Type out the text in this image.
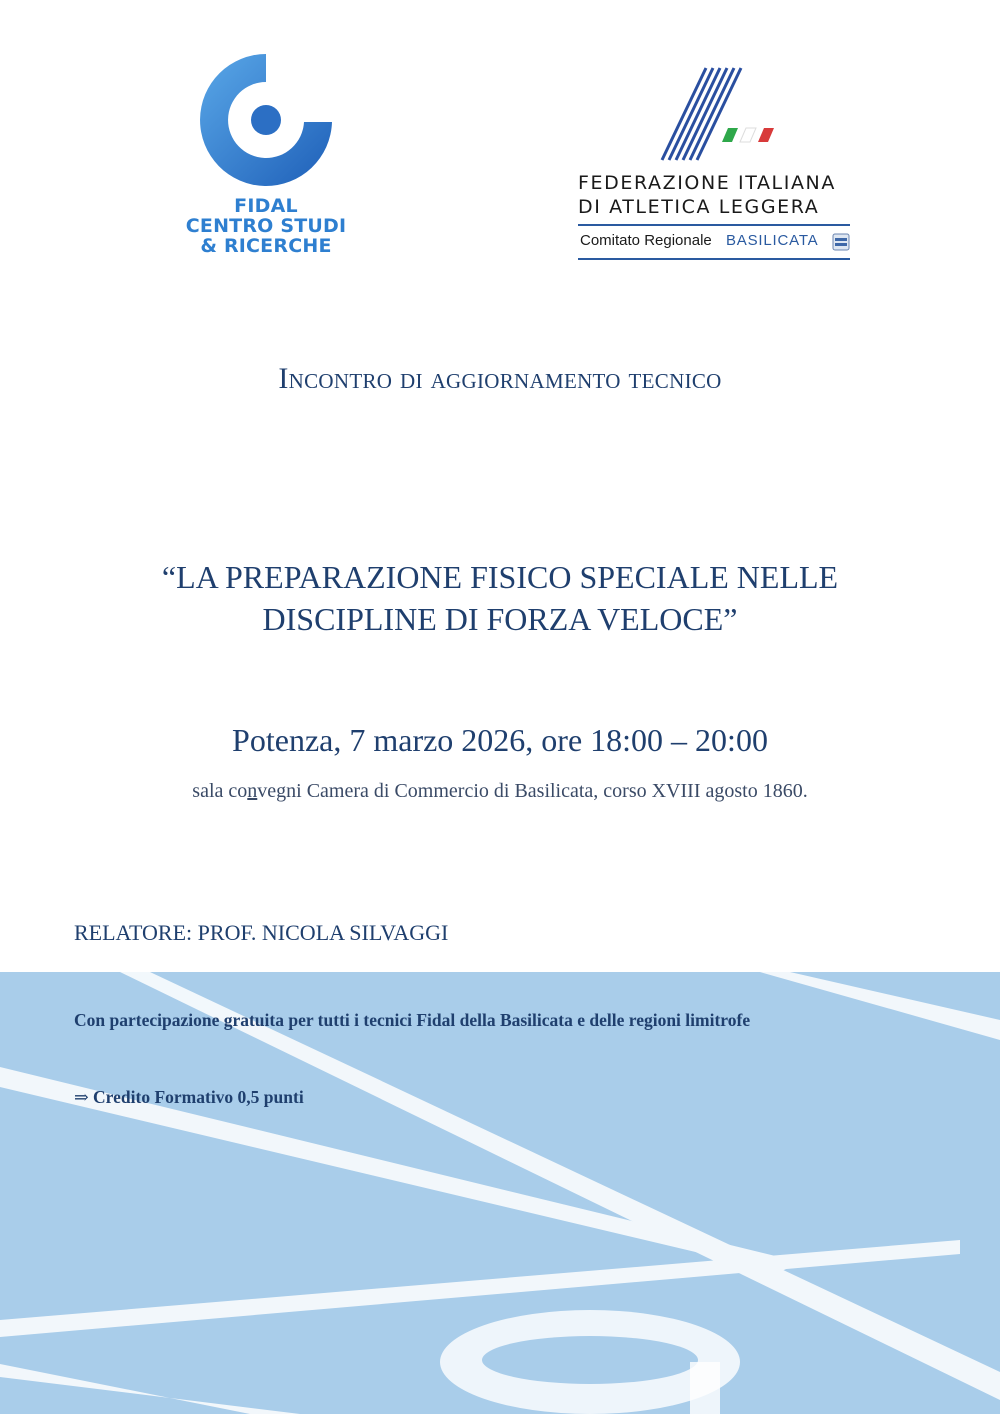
FIDAL
CENTRO STUDI
& RICERCHE
FEDERAZIONE ITALIANA
DI ATLETICA LEGGERA
Comitato Regionale BASILICATA
Incontro di aggiornamento tecnico
“LA PREPARAZIONE FISICO SPECIALE NELLE
DISCIPLINE DI FORZA VELOCE”
Potenza, 7 marzo 2026, ore 18:00 – 20:00
sala convegni Camera di Commercio di Basilicata, corso XVIII agosto 1860.
RELATORE: PROF. NICOLA SILVAGGI
Con partecipazione gratuita per tutti i tecnici Fidal della Basilicata e delle regioni limitrofe
⇒ Credito Formativo 0,5 punti
